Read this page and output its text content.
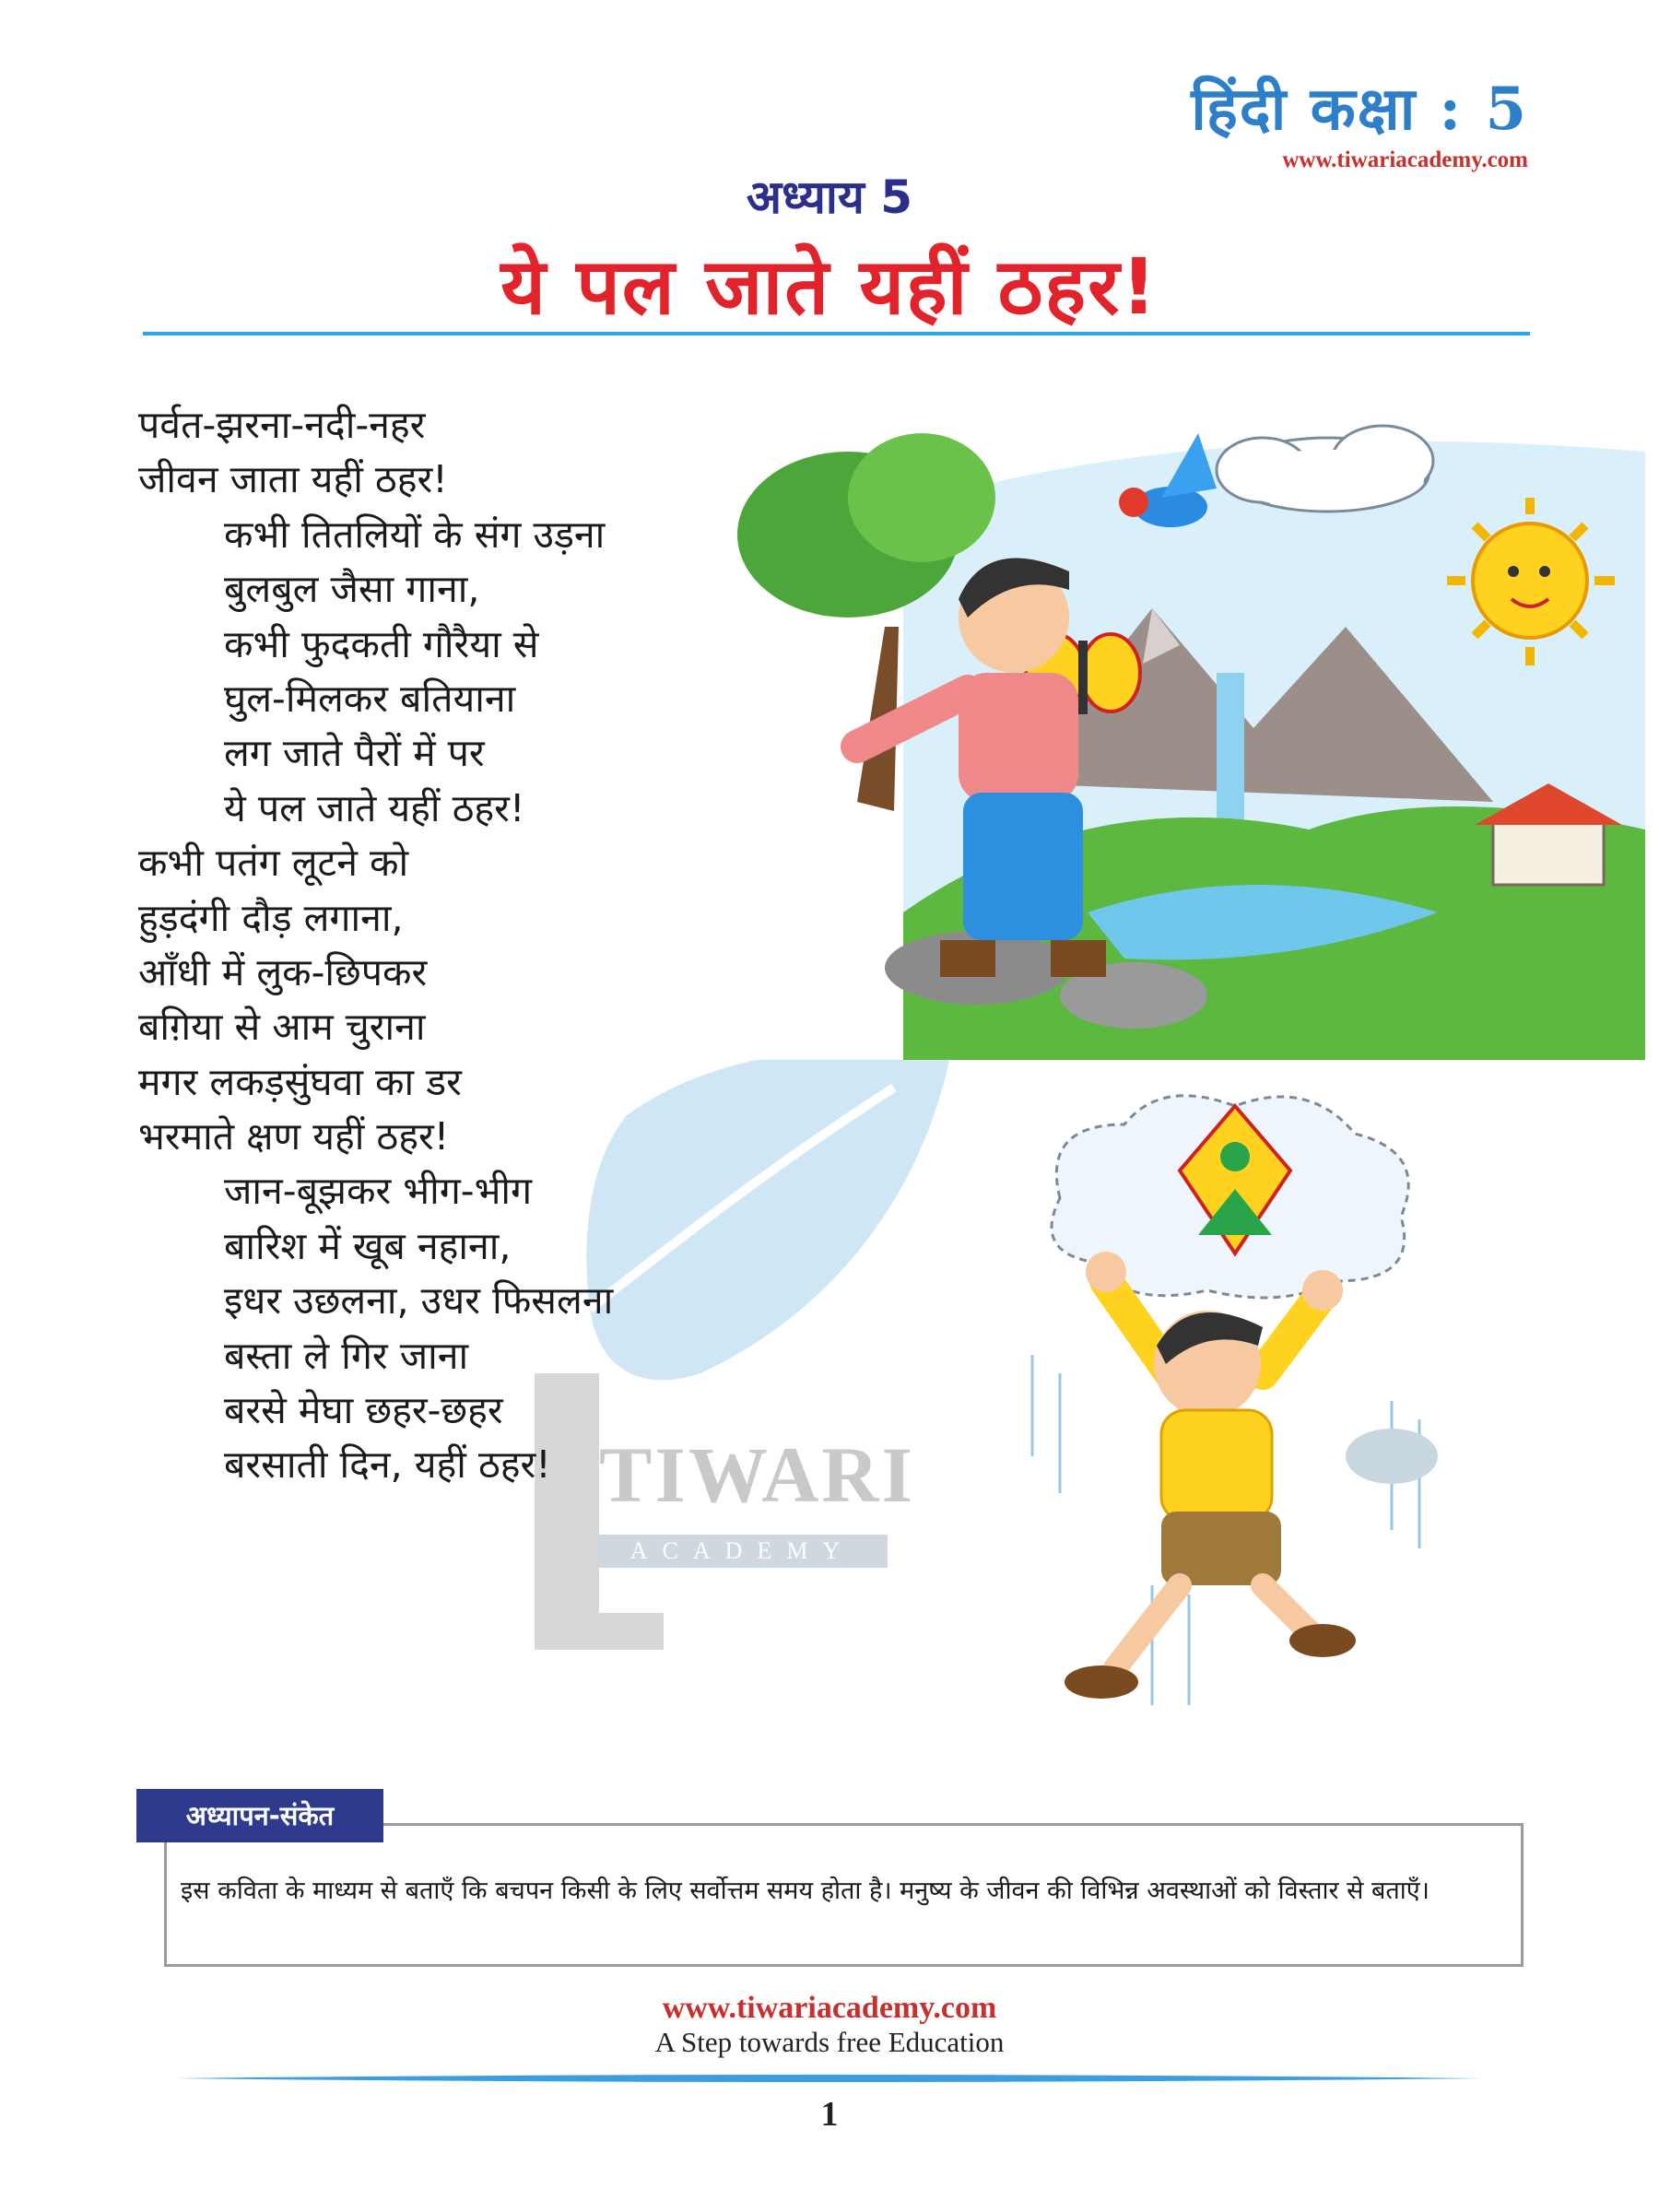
हिंदी कक्षा : 5
www.tiwariacademy.com
अध्याय 5
ये पल जाते यहीं ठहर!
TIWARI
ACADEMY
पर्वत-झरना-नदी-नहर
जीवन जाता यहीं ठहर!
कभी तितलियों के संग उड़ना
बुलबुल जैसा गाना,
कभी फुदकती गौरैया से
घुल-मिलकर बतियाना
लग जाते पैरों में पर
ये पल जाते यहीं ठहर!
कभी पतंग लूटने को
हुड़दंगी दौड़ लगाना,
आँधी में लुक-छिपकर
बग़िया से आम चुराना
मगर लकड़सुंघवा का डर
भरमाते क्षण यहीं ठहर!
जान-बूझकर भीग-भीग
बारिश में खूब नहाना,
इधर उछलना, उधर फिसलना
बस्ता ले गिर जाना
बरसे मेघा छहर-छहर
बरसाती दिन, यहीं ठहर!
अध्यापन-संकेत
इस कविता के माध्यम से बताएँ कि बचपन किसी के लिए सर्वोत्तम समय होता है। मनुष्य के जीवन की विभिन्न अवस्थाओं को विस्तार से बताएँ।
www.tiwariacademy.com
A Step towards free Education
1
